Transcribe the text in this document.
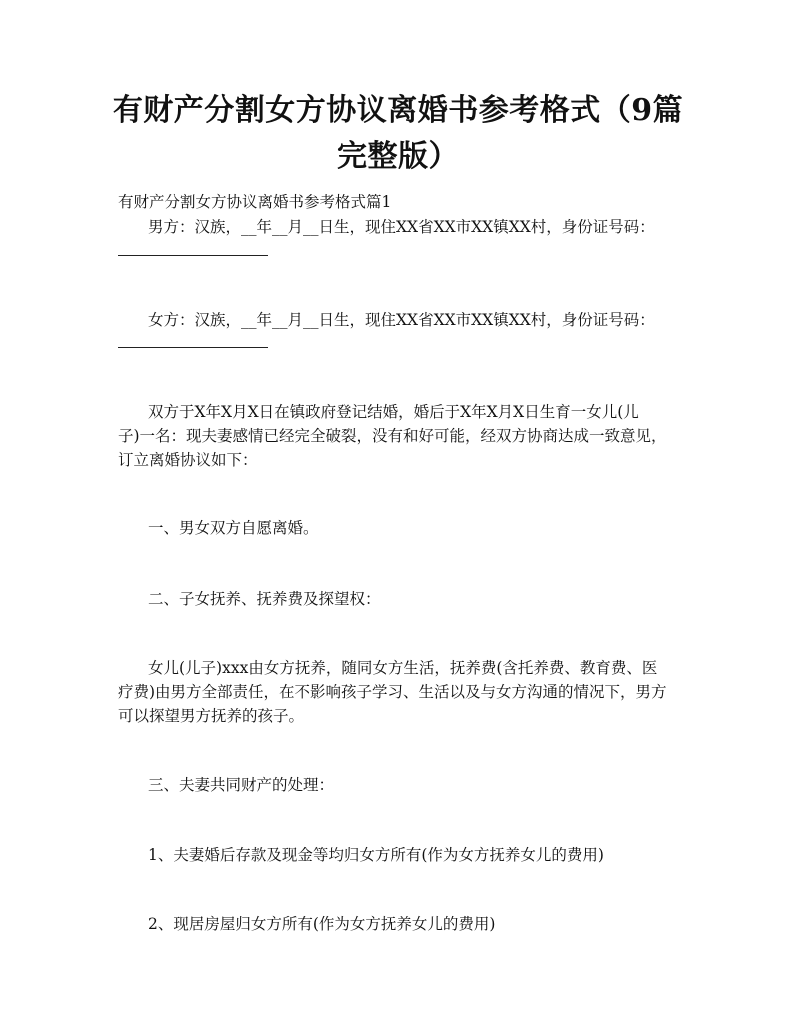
有财产分割女方协议离婚书参考格式（9篇
完整版）
有财产分割女方协议离婚书参考格式篇1
男方：汉族，__年__月__日生，现住XX省XX市XX镇XX村，身份证号码：
女方：汉族，__年__月__日生，现住XX省XX市XX镇XX村，身份证号码：
双方于X年X月X日在镇政府登记结婚，婚后于X年X月X日生育一女儿(儿
子)一名：现夫妻感情已经完全破裂，没有和好可能，经双方协商达成一致意见，
订立离婚协议如下：
一、男女双方自愿离婚。
二、子女抚养、抚养费及探望权：
女儿(儿子)xxx由女方抚养，随同女方生活，抚养费(含托养费、教育费、医
疗费)由男方全部责任，在不影响孩子学习、生活以及与女方沟通的情况下，男方
可以探望男方抚养的孩子。
三、夫妻共同财产的处理：
1、夫妻婚后存款及现金等均归女方所有(作为女方抚养女儿的费用)
2、现居房屋归女方所有(作为女方抚养女儿的费用)
